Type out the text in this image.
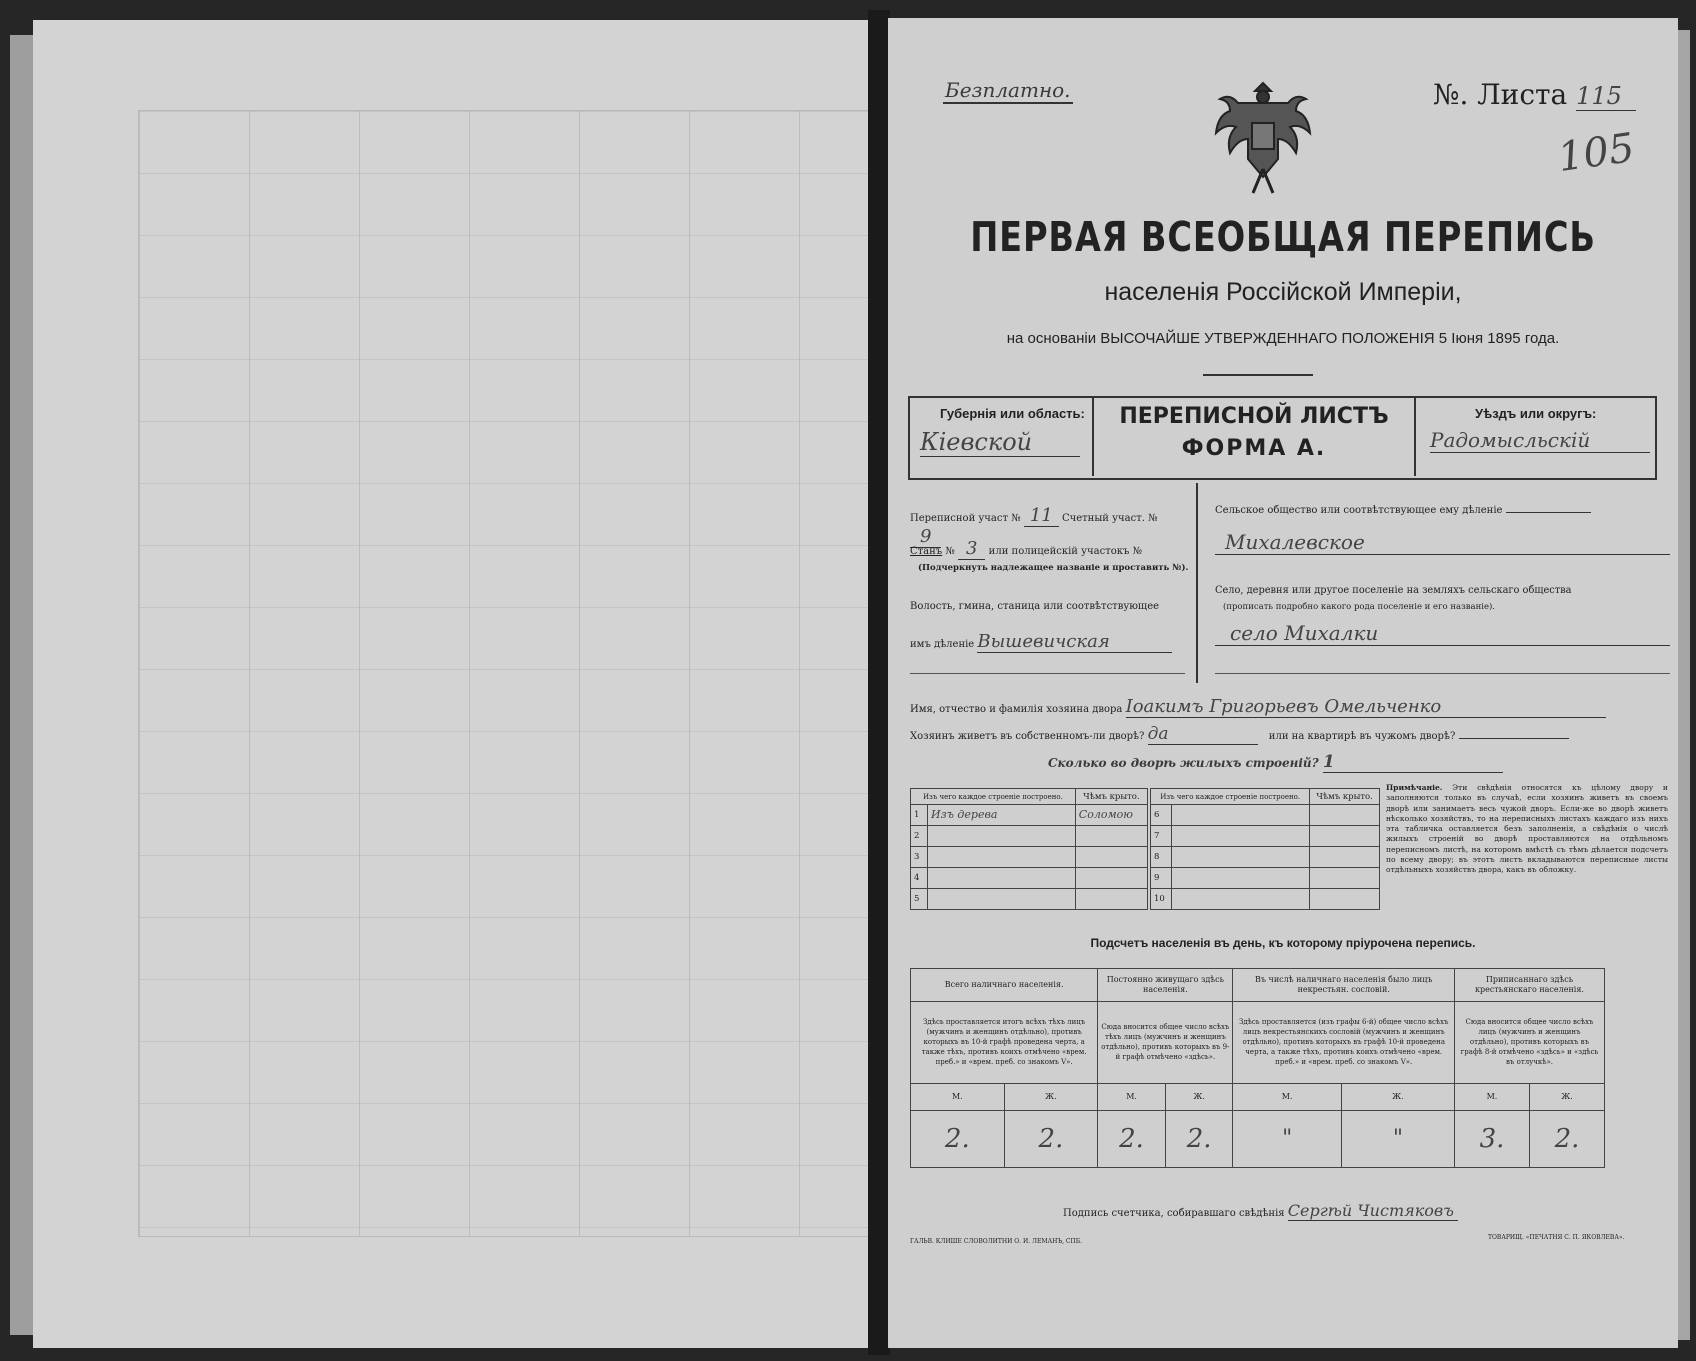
Безплатно.	№. Листа 115
105
ПЕРВАЯ ВСЕОБЩАЯ ПЕРЕПИСЬ
населенія Россійской Имперіи,
на основаніи ВЫСОЧАЙШЕ УТВЕРЖДЕННАГО ПОЛОЖЕНІЯ 5 Іюня 1895 года.
Губернія или область:
Кіевской
ПЕРЕПИСНОЙ ЛИСТЪ
ФОРМА А.
Уѣздъ или округъ:
Радомысльскій
Переписной участ № 11 Счетный участ. № 9
Станъ № 3 или полицейскій участокъ №
(Подчеркнуть надлежащее названіе и проставить №).
Волость, гмина, станица или соотвѣтствующее
имъ дѣленіе Вышевичская
Сельское общество или соотвѣтствующее ему дѣленіе
Михалевское
Село, деревня или другое поселеніе на земляхъ сельскаго общества
(прописать подробно какого рода поселеніе и его названіе).
село Михалки
Имя, отчество и фамилія хозяина двора Іоакимъ Григорьевъ Омельченко
Хозяинъ живетъ въ собственномъ-ли дворѣ? да	или на квартирѣ въ чужомъ дворѣ?
Сколько во дворѣ жилыхъ строеній? 1
Изъ чего каждое строеніе построено.		Чѣмъ крыто.
1	Изъ дерева	Соломою
2		
3		
4		
5		
Изъ чего каждое строеніе построено.		Чѣмъ крыто.
6		
7		
8		
9		
10		
Примѣчаніе. Эти свѣдѣнія относятся къ цѣлому двору и заполняются только въ случаѣ, если хозяинъ живетъ въ своемъ дворѣ или занимаетъ весь чужой дворъ. Если-же во дворѣ живетъ нѣсколько хозяйствъ, то на переписныхъ листахъ каждаго изъ нихъ эта табличка оставляется безъ заполненія, а свѣдѣнія о числѣ жилыхъ строеній во дворѣ проставляются на отдѣльномъ переписномъ листѣ, на которомъ вмѣстѣ съ тѣмъ дѣлается подсчетъ по всему двору; въ этотъ листъ вкладываются переписные листы отдѣльныхъ хозяйствъ двора, какъ въ обложку.
Подсчетъ населенія въ день, къ которому пріурочена перепись.
Всего наличнаго населенія.		Постоянно живущаго здѣсь населенія.		Въ числѣ наличнаго населенія было лицъ некрестьян. сословій.		Приписаннаго здѣсь крестьянскаго населенія.	
Здѣсь проставляется итогъ всѣхъ тѣхъ лицъ (мужчинъ и женщинъ отдѣльно), противъ которыхъ въ 10-й графѣ проведена черта, а также тѣхъ, противъ коихъ отмѣчено «врем. преб.» и «врем. преб. со знакомъ V».		Сюда вносится общее число всѣхъ тѣхъ лицъ (мужчинъ и женщинъ отдѣльно), противъ которыхъ въ 9-й графѣ отмѣчено «здѣсь».		Здѣсь проставляется (изъ графы 6-й) общее число всѣхъ лицъ некрестьянскихъ сословій (мужчинъ и женщинъ отдѣльно), противъ которыхъ въ графѣ 10-й проведена черта, а также тѣхъ, противъ коихъ отмѣчено «врем. преб.» и «врем. преб. со знакомъ V».		Сюда вносится общее число всѣхъ лицъ (мужчинъ и женщинъ отдѣльно), противъ которыхъ въ графѣ 8-й отмѣчено «здѣсь» и «здѣсь въ отлучкѣ».	
М.	Ж.	М.	Ж.	М.	Ж.	М.	Ж.
2.	2.	2.	2.	"	"	3.	2.
Подпись счетчика, собиравшаго свѣдѣнія Сергѣй Чистяковъ
ГАЛЬВ. КЛИШЕ СЛОВОЛИТНИ О. И. ЛЕМАНЪ, СПБ.
ТОВАРИЩ. «ПЕЧАТНЯ С. П. ЯКОВЛЕВА».
